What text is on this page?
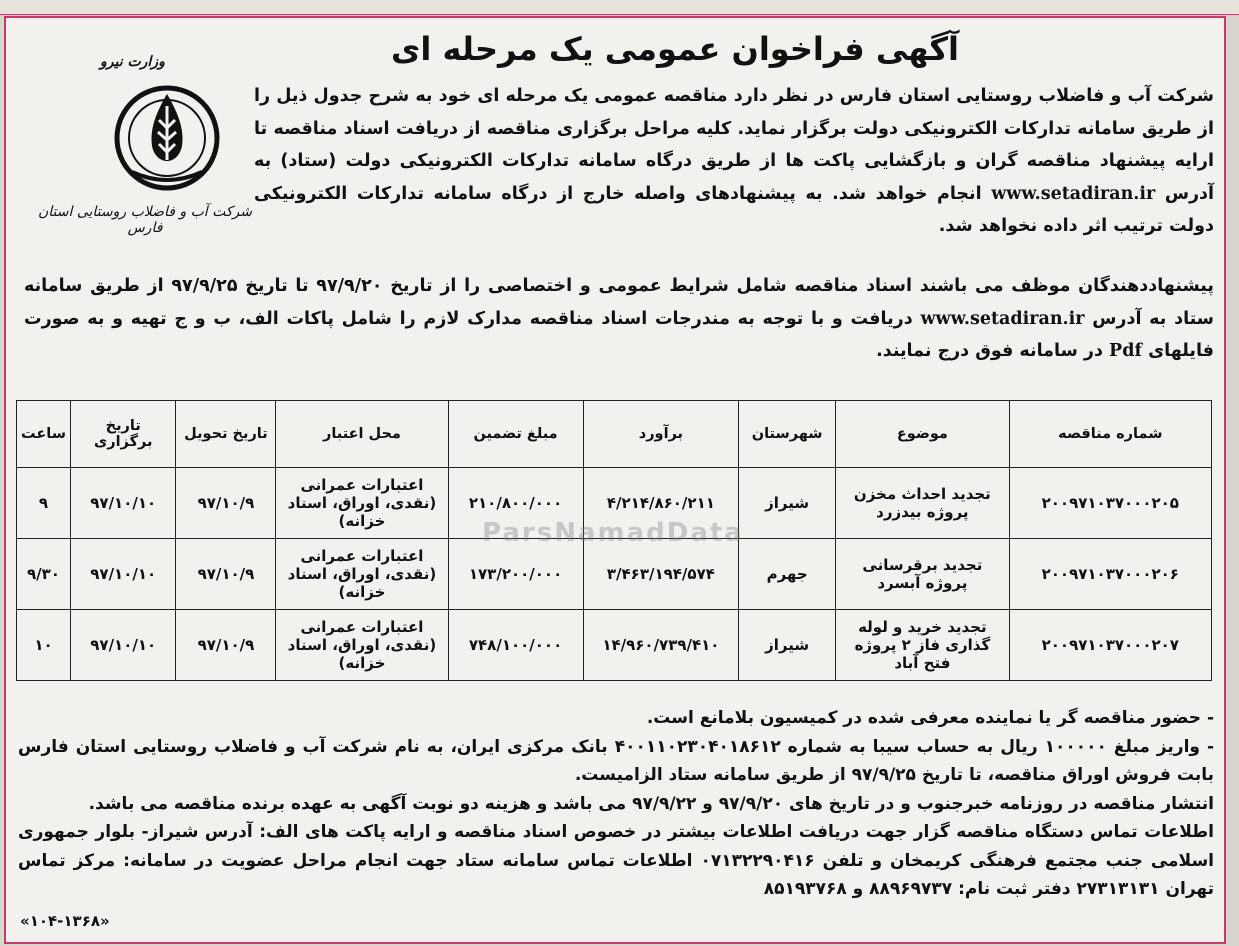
وزارت نیرو
شرکت آب و فاضلاب روستایی استان فارس
آگهی فراخوان عمومی یک مرحله ای

شرکت آب و فاضلاب روستایی استان فارس در نظر دارد مناقصه عمومی یک مرحله ای خود به شرح جدول ذیل را از طریق سامانه تدارکات الکترونیکی دولت برگزار نماید. کلیه مراحل برگزاری مناقصه از دریافت اسناد مناقصه تا ارایه پیشنهاد مناقصه گران و بازگشایی پاکت ها از طریق درگاه سامانه تدارکات الکترونیکی دولت (ستاد) به آدرس www.setadiran.ir انجام خواهد شد. به پیشنهادهای واصله خارج از درگاه سامانه تدارکات الکترونیکی دولت ترتیب اثر داده نخواهد شد.

پیشنهاددهندگان موظف می باشند اسناد مناقصه شامل شرایط عمومی و اختصاصی را از تاریخ ۹۷/۹/۲۰ تا تاریخ ۹۷/۹/۲۵ از طریق سامانه ستاد به آدرس www.setadiran.ir دریافت و با توجه به مندرجات اسناد مناقصه مدارک لازم را شامل پاکات الف، ب و ج تهیه و به صورت فایلهای Pdf در سامانه فوق درج نمایند.

شماره مناقصه	موضوع	شهرستان	برآورد	مبلغ تضمین	محل اعتبار	تاریخ تحویل	تاریخ برگزاری	ساعت
۲۰۰۹۷۱۰۳۷۰۰۰۲۰۵	تجدید احداث مخزن پروژه بیدزرد	شیراز	۴/۲۱۴/۸۶۰/۲۱۱	۲۱۰/۸۰۰/۰۰۰	اعتبارات عمرانی (نقدی، اوراق، اسناد خزانه)	۹۷/۱۰/۹	۹۷/۱۰/۱۰	۹
۲۰۰۹۷۱۰۳۷۰۰۰۲۰۶	تجدید برقرسانی پروژه آبسرد	جهرم	۳/۴۶۳/۱۹۴/۵۷۴	۱۷۳/۲۰۰/۰۰۰	اعتبارات عمرانی (نقدی، اوراق، اسناد خزانه)	۹۷/۱۰/۹	۹۷/۱۰/۱۰	۹/۳۰
۲۰۰۹۷۱۰۳۷۰۰۰۲۰۷	تجدید خرید و لوله گذاری فاز ۲ پروژه فتح آباد	شیراز	۱۴/۹۶۰/۷۳۹/۴۱۰	۷۴۸/۱۰۰/۰۰۰	اعتبارات عمرانی (نقدی، اوراق، اسناد خزانه)	۹۷/۱۰/۹	۹۷/۱۰/۱۰	۱۰
ParsNamadData

- حضور مناقصه گر یا نماینده معرفی شده در کمیسیون بلامانع است.

- واریز مبلغ ۱۰۰۰۰۰ ریال به حساب سیبا به شماره ۴۰۰۱۱۰۲۳۰۴۰۱۸۶۱۲ بانک مرکزی ایران، به نام شرکت آب و فاضلاب روستایی استان فارس بابت فروش اوراق مناقصه، تا تاریخ ۹۷/۹/۲۵ از طریق سامانه ستاد الزامیست.

انتشار مناقصه در روزنامه خبرجنوب و در تاریخ های ۹۷/۹/۲۰ و ۹۷/۹/۲۲ می باشد و هزینه دو نوبت آگهی به عهده برنده مناقصه می باشد.

اطلاعات تماس دستگاه مناقصه گزار جهت دریافت اطلاعات بیشتر در خصوص اسناد مناقصه و ارایه پاکت های الف: آدرس شیراز- بلوار جمهوری اسلامی جنب مجتمع فرهنگی کریمخان و تلفن ۰۷۱۳۲۲۹۰۴۱۶ اطلاعات تماس سامانه ستاد جهت انجام مراحل عضویت در سامانه: مرکز تماس تهران ۲۷۳۱۳۱۳۱ دفتر ثبت نام: ۸۸۹۶۹۷۳۷ و ۸۵۱۹۳۷۶۸

«۱۰۴-۱۳۶۸»
